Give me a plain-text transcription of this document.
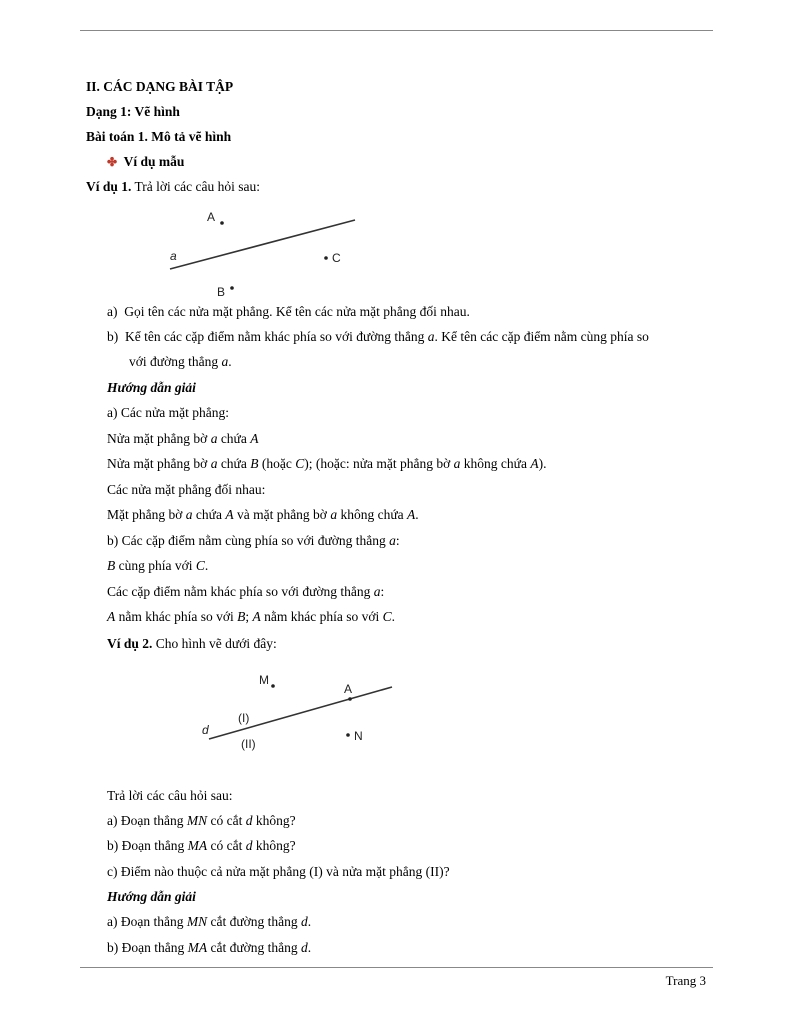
II. CÁC DẠNG BÀI TẬP
Dạng 1: Vẽ hình
Bài toán 1. Mô tả vẽ hình
✤ Ví dụ mẫu
Ví dụ 1. Trả lời các câu hỏi sau:
A
a	C
B
a) Gọi tên các nửa mặt phẳng. Kể tên các nửa mặt phẳng đối nhau.
b) Kể tên các cặp điểm nằm khác phía so với đường thẳng a. Kể tên các cặp điểm nằm cùng phía so
với đường thẳng a.
Hướng dẫn giải
a) Các nửa mặt phẳng:
Nửa mặt phẳng bờ a chứa A
Nửa mặt phẳng bờ a chứa B (hoặc C); (hoặc: nửa mặt phẳng bờ a không chứa A).
Các nửa mặt phẳng đối nhau:
Mặt phẳng bờ a chứa A và mặt phẳng bờ a không chứa A.
b) Các cặp điểm nằm cùng phía so với đường thẳng a:
B cùng phía với C.
Các cặp điểm nằm khác phía so với đường thẳng a:
A nằm khác phía so với B; A nằm khác phía so với C.
Ví dụ 2. Cho hình vẽ dưới đây:
M
A
(I)
d
(II)
N
Trả lời các câu hỏi sau:
a) Đoạn thẳng MN có cắt d không?
b) Đoạn thẳng MA có cắt d không?
c) Điểm nào thuộc cả nửa mặt phẳng (I) và nửa mặt phẳng (II)?
Hướng dẫn giải
a) Đoạn thẳng MN cắt đường thẳng d.
b) Đoạn thẳng MA cắt đường thẳng d.
Trang 3
